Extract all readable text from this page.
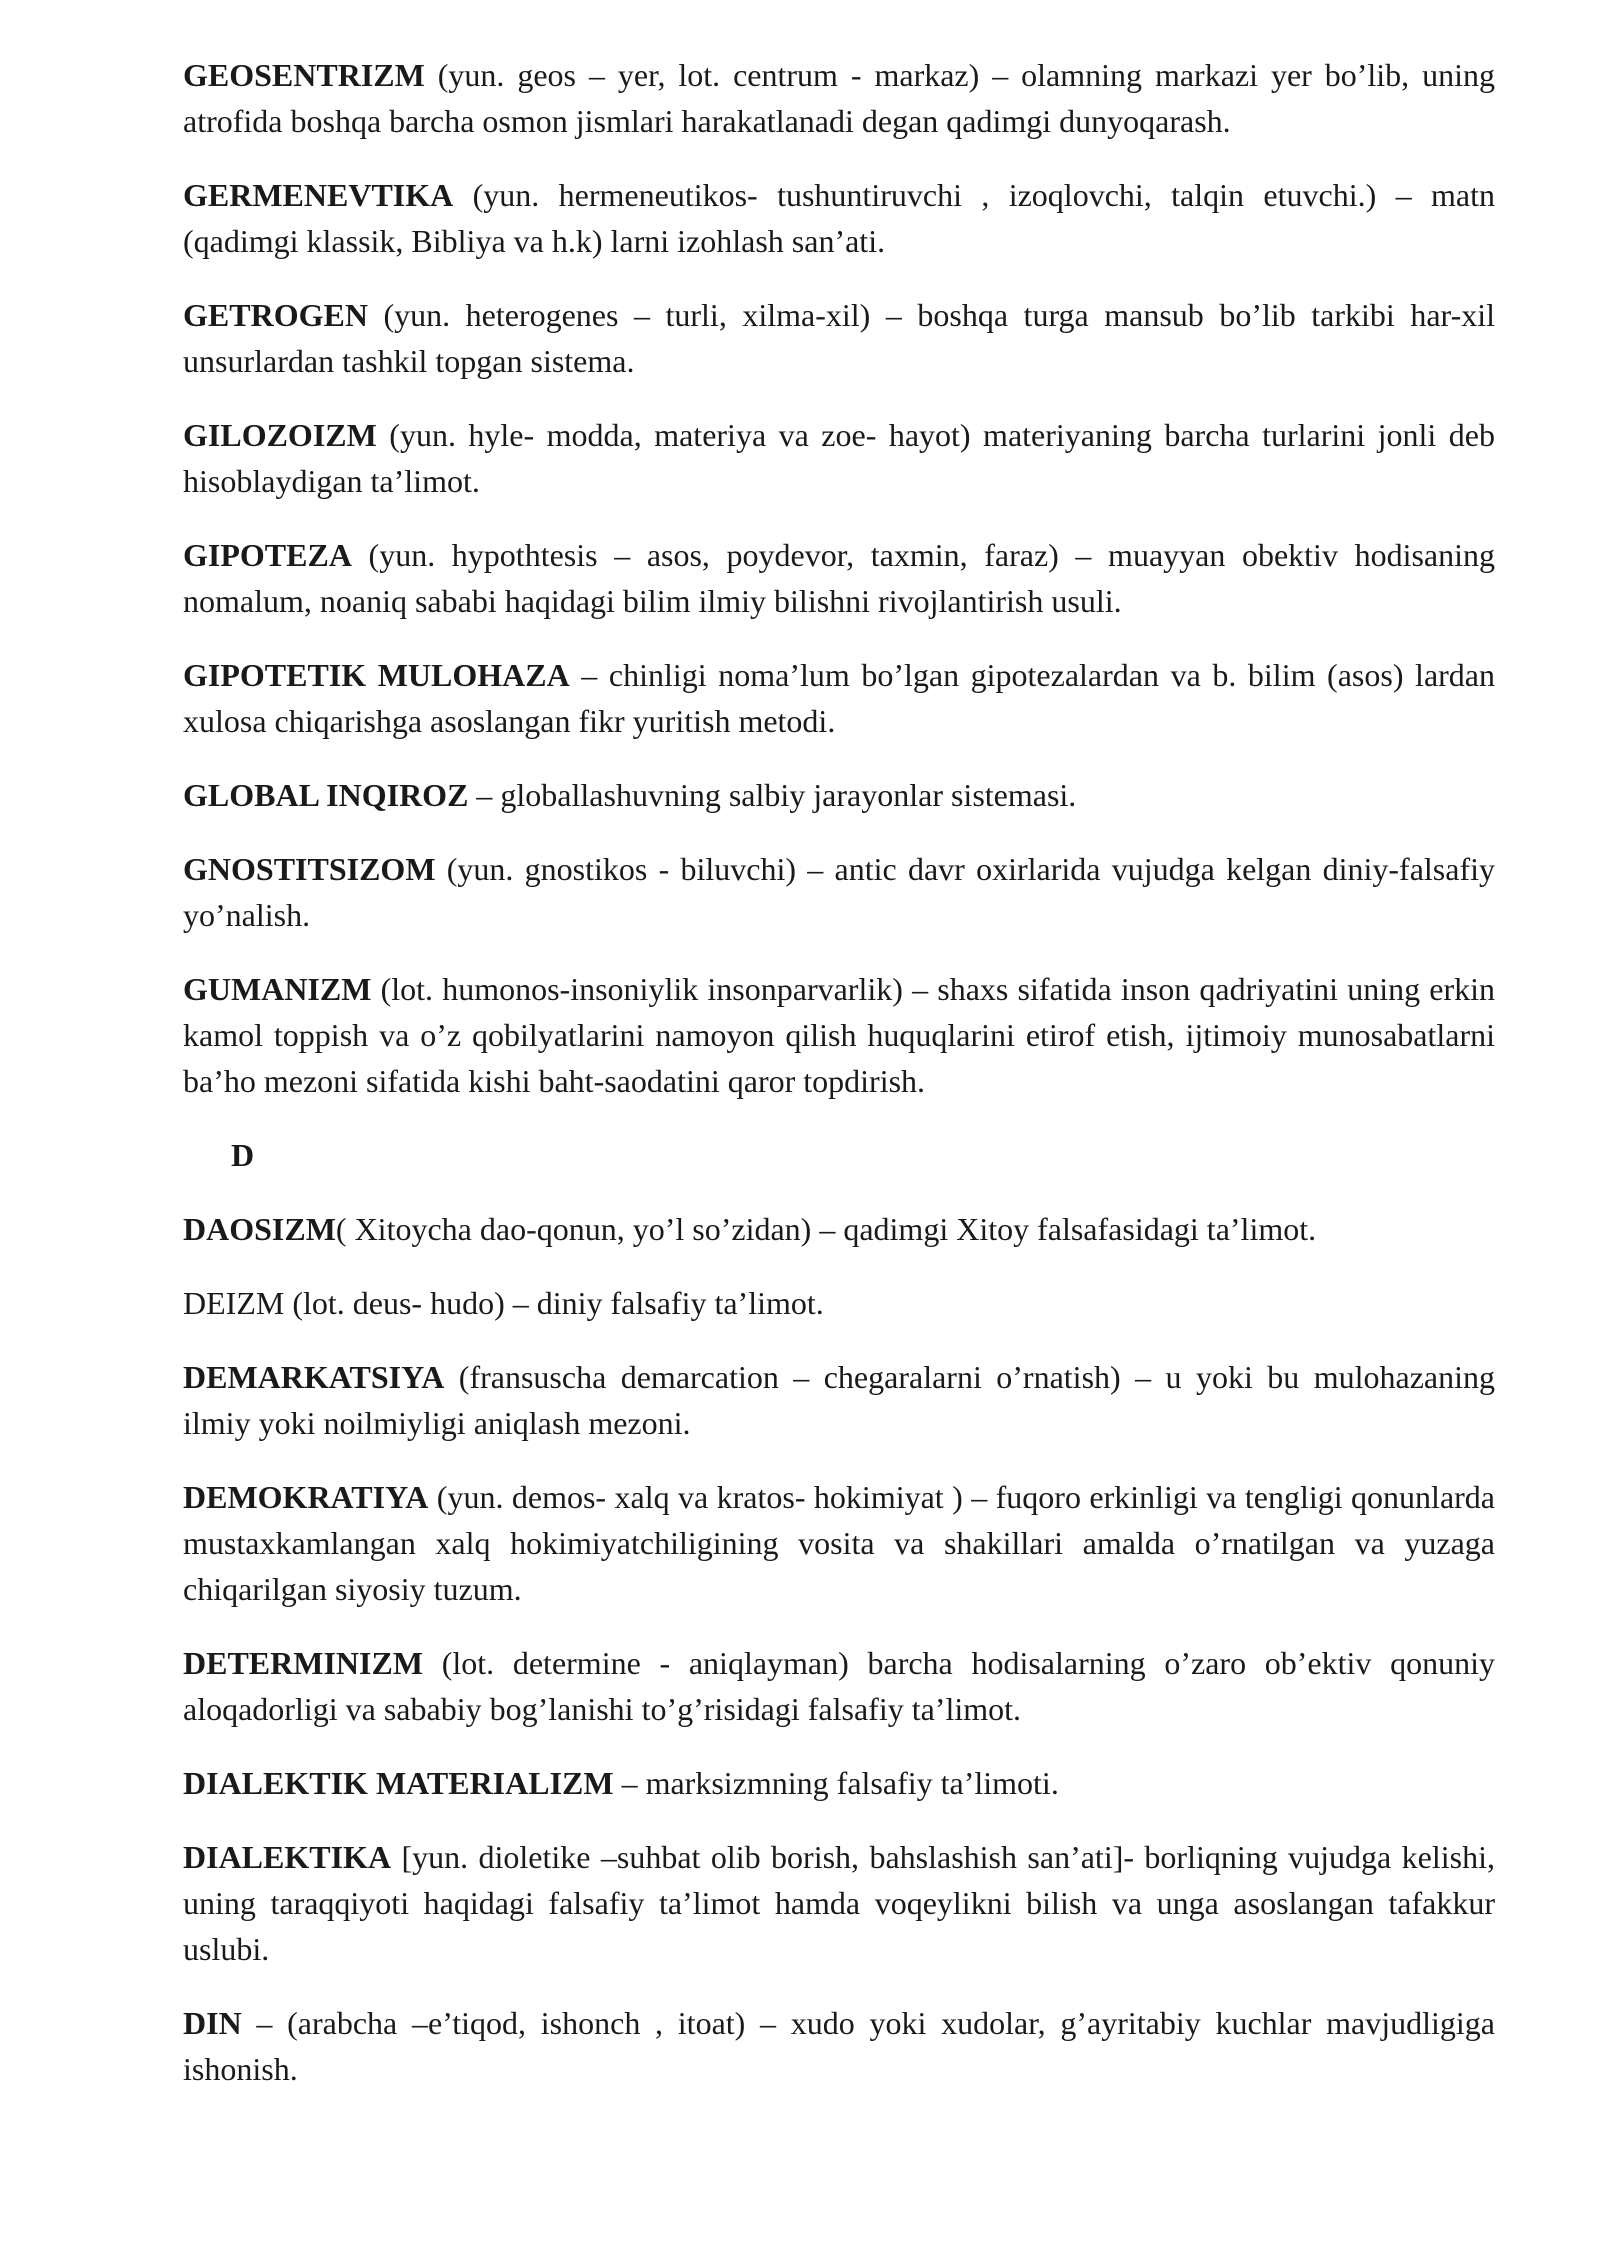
GEOSENTRIZM (yun. geos – yer, lot. centrum - markaz) – olamning markazi yer bo’lib, uning atrofida boshqa barcha osmon jismlari harakatlanadi degan qadimgi dunyoqarash.

GERMENEVTIKA (yun. hermeneutikos- tushuntiruvchi , izoqlovchi, talqin etuvchi.) – matn (qadimgi klassik, Bibliya va h.k) larni izohlash san’ati.

GETROGEN (yun. heterogenes – turli, xilma-xil) – boshqa turga mansub bo’lib tarkibi har-xil unsurlardan tashkil topgan sistema.

GILOZOIZM (yun. hyle- modda, materiya va zoe- hayot) materiyaning barcha turlarini jonli deb hisoblaydigan ta’limot.

GIPOTEZA (yun. hypothtesis – asos, poydevor, taxmin, faraz) – muayyan obektiv hodisaning nomalum, noaniq sababi haqidagi bilim ilmiy bilishni rivojlantirish usuli.

GIPOTETIK MULOHAZA – chinligi noma’lum bo’lgan gipotezalardan va b. bilim (asos) lardan xulosa chiqarishga asoslangan fikr yuritish metodi.

GLOBAL INQIROZ – globallashuvning salbiy jarayonlar sistemasi.

GNOSTITSIZOM (yun. gnostikos - biluvchi) – antic davr oxirlarida vujudga kelgan diniy-falsafiy yo’nalish.

GUMANIZM (lot. humonos-insoniylik insonparvarlik) – shaxs sifatida inson qadriyatini uning erkin kamol toppish va o’z qobilyatlarini namoyon qilish huquqlarini etirof etish, ijtimoiy munosabatlarni ba’ho mezoni sifatida kishi baht-saodatini qaror topdirish.

D

DAOSIZM( Xitoycha dao-qonun, yo’l so’zidan) – qadimgi Xitoy falsafasidagi ta’limot.

DEIZM (lot. deus- hudo) – diniy falsafiy ta’limot.

DEMARKATSIYA (fransuscha demarcation – chegaralarni o’rnatish) – u yoki bu mulohazaning ilmiy yoki noilmiyligi aniqlash mezoni.

DEMOKRATIYA (yun. demos- xalq va kratos- hokimiyat ) – fuqoro erkinligi va tengligi qonunlarda mustaxkamlangan xalq hokimiyatchiligining vosita va shakillari amalda o’rnatilgan va yuzaga chiqarilgan siyosiy tuzum.

DETERMINIZM (lot. determine - aniqlayman) barcha hodisalarning o’zaro ob’ektiv qonuniy aloqadorligi va sababiy bog’lanishi to’g’risidagi falsafiy ta’limot.

DIALEKTIK MATERIALIZM – marksizmning falsafiy ta’limoti.

DIALEKTIKA [yun. dioletike –suhbat olib borish, bahslashish san’ati]- borliqning vujudga kelishi, uning taraqqiyoti haqidagi falsafiy ta’limot hamda voqeylikni bilish va unga asoslangan tafakkur uslubi.

DIN – (arabcha –e’tiqod, ishonch , itoat) – xudo yoki xudolar, g’ayritabiy kuchlar mavjudligiga ishonish.
